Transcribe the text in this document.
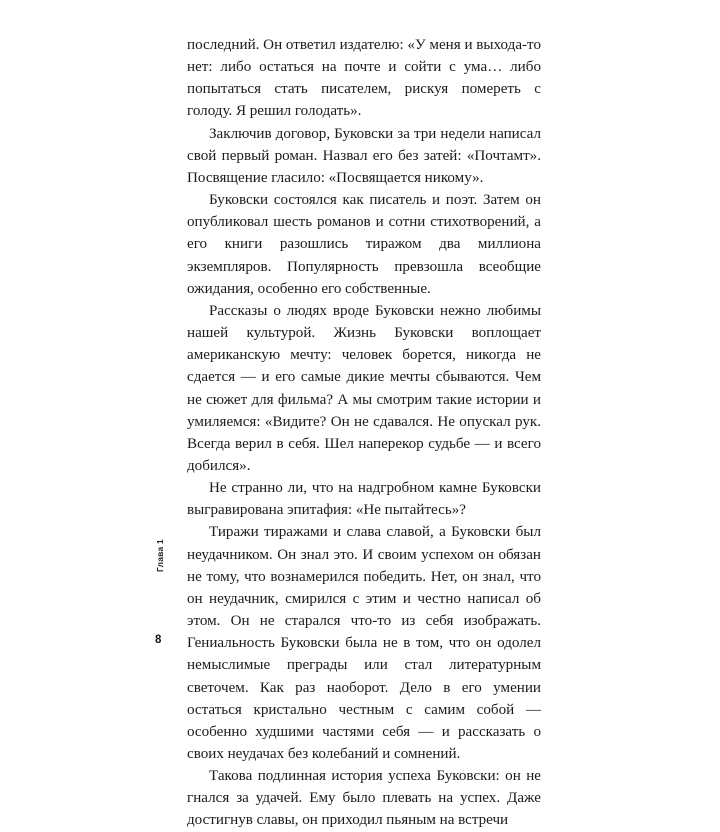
Глава 1
8

последний. Он ответил издателю: «У меня и выхода-то нет: либо остаться на почте и сойти с ума… либо попытаться стать писателем, рискуя помереть с голоду. Я решил голодать».

Заключив договор, Буковски за три недели написал свой первый роман. Назвал его без затей: «Почтамт». Посвящение гласило: «Посвящается никому».

Буковски состоялся как писатель и поэт. Затем он опубликовал шесть романов и сотни стихотворений, а его книги разошлись тиражом два миллиона экземпляров. Популярность превзошла всеобщие ожидания, особенно его собственные.

Рассказы о людях вроде Буковски нежно любимы нашей культурой. Жизнь Буковски воплощает американскую мечту: человек борется, никогда не сдается — и его самые дикие мечты сбываются. Чем не сюжет для фильма? А мы смотрим такие истории и умиляемся: «Видите? Он не сдавался. Не опускал рук. Всегда верил в себя. Шел наперекор судьбе — и всего добился».

Не странно ли, что на надгробном камне Буковски выгравирована эпитафия: «Не пытайтесь»?

Тиражи тиражами и слава славой, а Буковски был неудачником. Он знал это. И своим успехом он обязан не тому, что вознамерился победить. Нет, он знал, что он неудачник, смирился с этим и честно написал об этом. Он не старался что-то из себя изображать. Гениальность Буковски была не в том, что он одолел немыслимые преграды или стал литературным светочем. Как раз наоборот. Дело в его умении остаться кристально честным с самим собой — особенно худшими частями себя — и рассказать о своих неудачах без колебаний и сомнений.

Такова подлинная история успеха Буковски: он не гнался за удачей. Ему было плевать на успех. Даже достигнув славы, он приходил пьяным на встречи
